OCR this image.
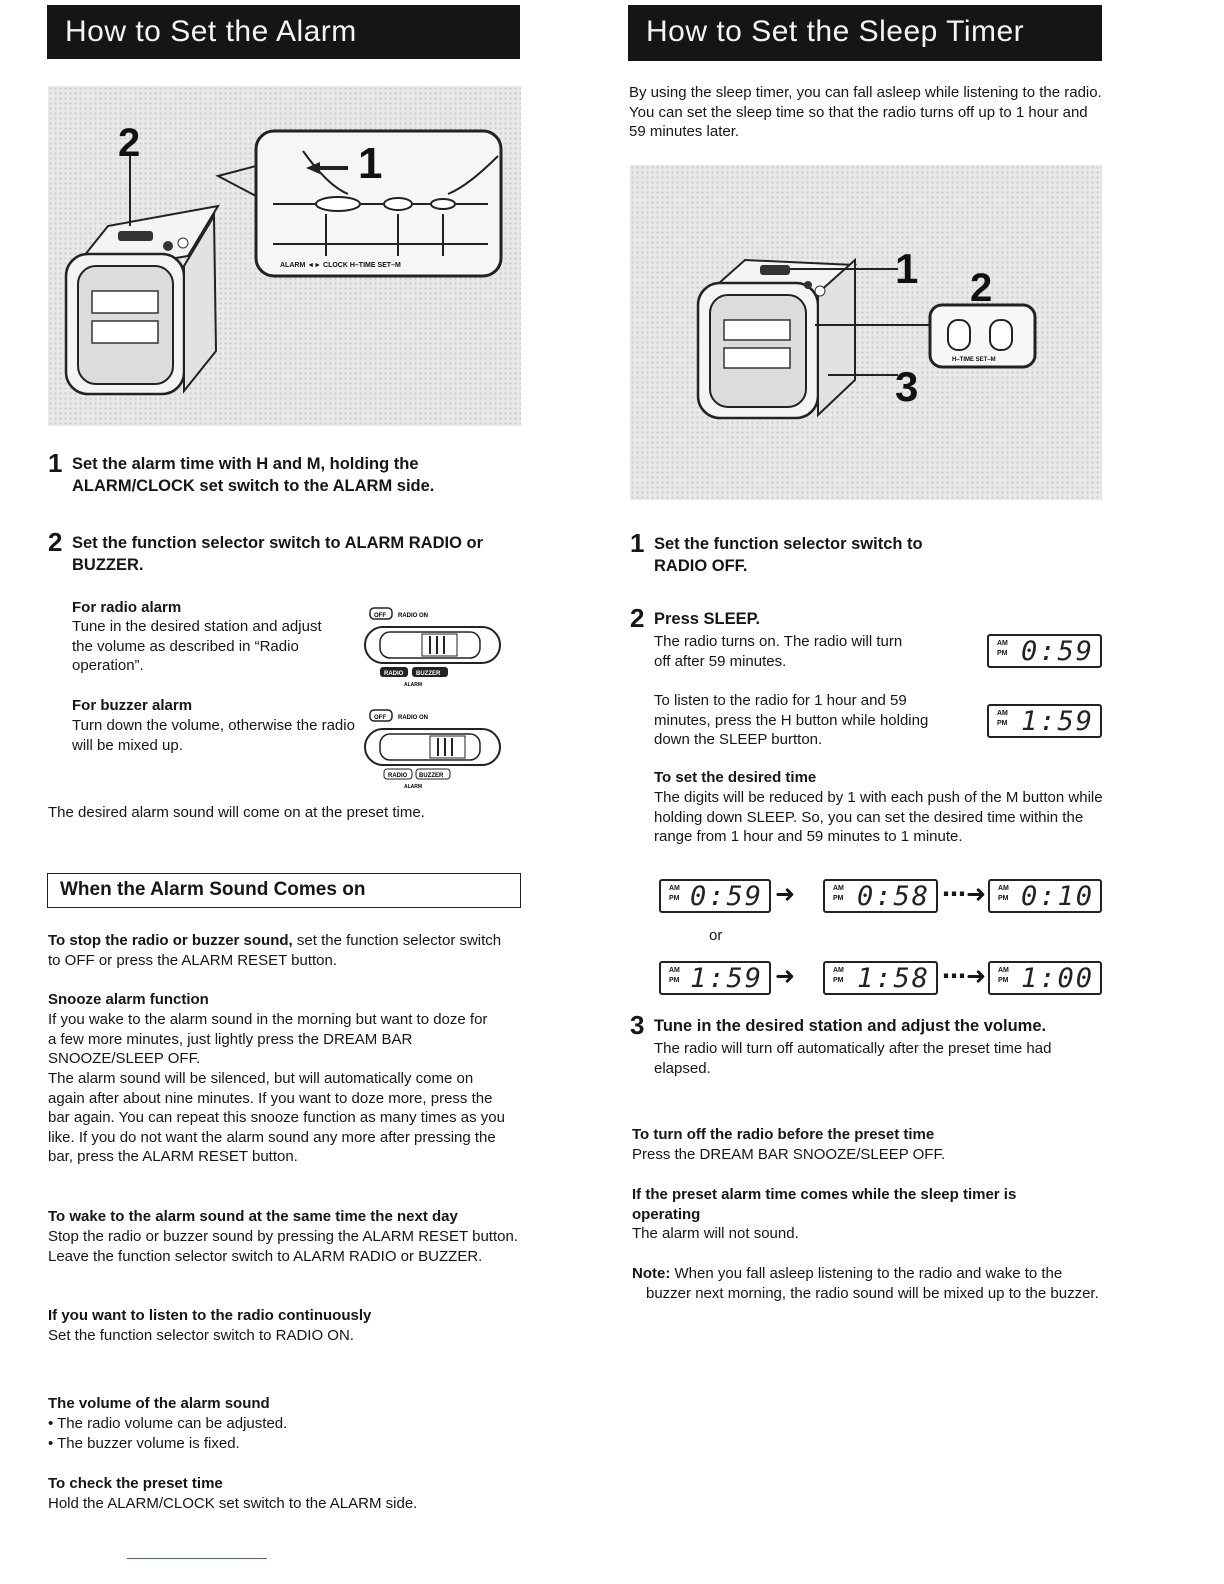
How to Set the Alarm
1
2
ALARM ◄► CLOCK H–TIME SET–M
1 Set the alarm time with H and M, holding the ALARM/CLOCK set switch to the ALARM side.
2 Set the function selector switch to ALARM RADIO or BUZZER.
For radio alarm
Tune in the desired station and adjust the volume as described in “Radio operation”.
For buzzer alarm
Turn down the volume, otherwise the radio will be mixed up.
OFF RADIO ON
RADIO BUZZER
ALARM
OFF RADIO ON
RADIO BUZZER
ALARM
The desired alarm sound will come on at the preset time.
When the Alarm Sound Comes on
To stop the radio or buzzer sound, set the function selector switch to OFF or press the ALARM RESET button.
Snooze alarm function
If you wake to the alarm sound in the morning but want to doze for a few more minutes, just lightly press the DREAM BAR SNOOZE/SLEEP OFF.
The alarm sound will be silenced, but will automatically come on again after about nine minutes. If you want to doze more, press the bar again. You can repeat this snooze function as many times as you like. If you do not want the alarm sound any more after pressing the bar, press the ALARM RESET button.
To wake to the alarm sound at the same time the next day
Stop the radio or buzzer sound by pressing the ALARM RESET button. Leave the function selector switch to ALARM RADIO or BUZZER.
If you want to listen to the radio continuously
Set the function selector switch to RADIO ON.
The volume of the alarm sound
• The radio volume can be adjusted.
• The buzzer volume is fixed.
To check the preset time
Hold the ALARM/CLOCK set switch to the ALARM side.
How to Set the Sleep Timer
By using the sleep timer, you can fall asleep while listening to the radio. You can set the sleep time so that the radio turns off up to 1 hour and 59 minutes later.
1 2
3
H–TIME SET–M
1 Set the function selector switch to RADIO OFF.
2 Press SLEEP.
The radio turns on. The radio will turn off after 59 minutes.
To listen to the radio for 1 hour and 59 minutes, press the H button while holding down the SLEEP burtton.
AM
PM 0:59
AM
PM 1:59
To set the desired time
The digits will be reduced by 1 with each push of the M button while holding down SLEEP. So, you can set the desired time within the range from 1 hour and 59 minutes to 1 minute.
AM
PM 0:59 ➜	AM
PM 0:58 ⋯➜ AM
PM 0:10
or
AM
PM 1:59 ➜	AM
PM 1:58 ⋯➜ AM
PM 1:00
3 Tune in the desired station and adjust the volume.
The radio will turn off automatically after the preset time had elapsed.
To turn off the radio before the preset time
Press the DREAM BAR SNOOZE/SLEEP OFF.
If the preset alarm time comes while the sleep timer is operating
The alarm will not sound.
Note: When you fall asleep listening to the radio and wake to the buzzer next morning, the radio sound will be mixed up to the buzzer.
